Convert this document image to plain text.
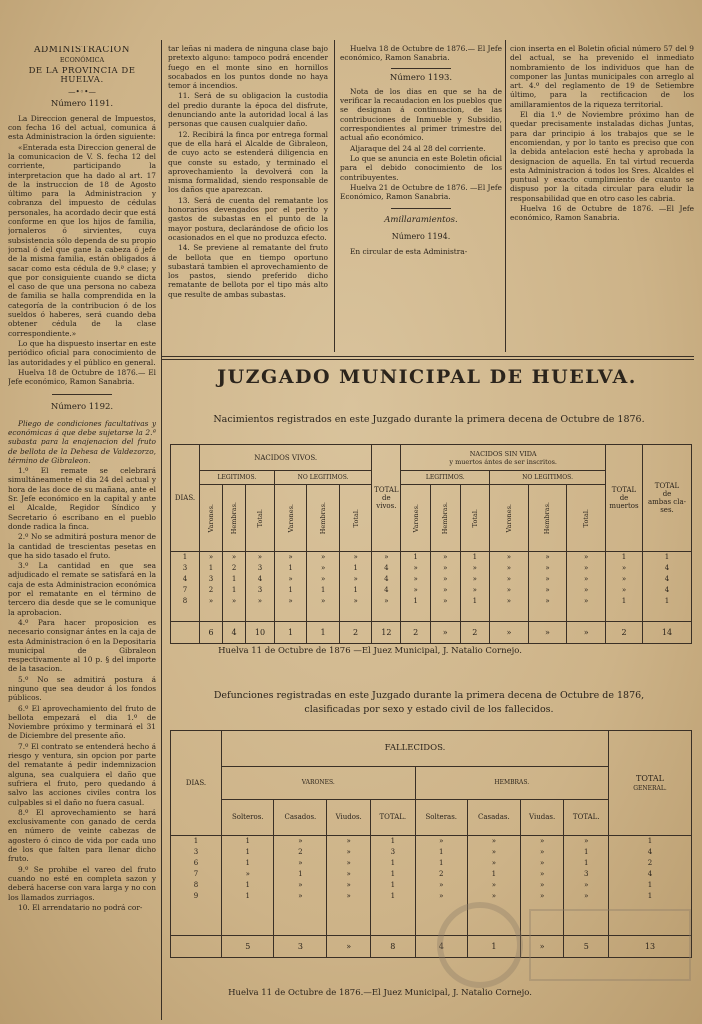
ADMINISTRACION

ECONÓMICA

DE LA PROVINCIA DE HUELVA.

—•◦•—

Número 1191.

La Direccion general de Impuestos, con fecha 16 del actual, comunica á esta Administracion la órden siguiente:

«Enterada esta Direccion general de la comunicacion de V. S. fecha 12 del corriente, participando la interpretacion que ha dado al art. 17 de la instruccion de 18 de Agosto último para la Administracion y cobranza del impuesto de cédulas personales, ha acordado decir que está conforme en que los hijos de familia, jornaleros ó sirvientes, cuya subsistencia sólo dependa de su propio jornal ó del que gane la cabeza ó jefe de la misma familia, están obligados á sacar como esta cédula de 9.ª clase; y que por consiguiente cuando se dicta el caso de que una persona no cabeza de familia se halla comprendida en la categoría de la contribucion ó de los sueldos ó haberes, será cuando deba obtener cédula de la clase correspondiente.»

Lo que ha dispuesto insertar en este periódico oficial para conocimiento de las autoridades y el público en general.

Huelva 18 de Octubre de 1876.— El Jefe económico, Ramon Sanabria.

Número 1192.

Pliego de condiciones facultativas y económicas á que debe sujetarse la 2.ª subasta para la enajenacion del fruto de bellota de la Dehesa de Valdezorzo, término de Gibraleon.

1.º El remate se celebrará simultáneamente el dia 24 del actual y hora de las doce de su mañana, ante el Sr. Jefe económico en la capital y ante el Alcalde, Regidor Síndico y Secretario ó escribano en el pueblo donde radica la finca.

2.º No se admitirá postura menor de la cantidad de trescientas pesetas en que ha sido tasado el fruto.

3.º La cantidad en que sea adjudicado el remate se satisfará en la caja de esta Administracion económica por el rematante en el término de tercero dia desde que se le comunique la aprobacion.

4.º Para hacer proposicion es necesario consignar ántes en la caja de esta Administracion ó en la Depositaria municipal de Gibraleon respectivamente al 10 p. § del importe de la tasacion.

5.º No se admitirá postura á ninguno que sea deudor á los fondos públicos.

6.º El aprovechamiento del fruto de bellota empezará el dia 1.º de Noviembre próximo y terminará el 31 de Diciembre del presente año.

7.º El contrato se entenderá hecho á riesgo y ventura, sin opcion por parte del rematante á pedir indemnizacion alguna, sea cualquiera el daño que sufriera el fruto, pero quedando á salvo las acciones civiles contra los culpables si el daño no fuera casual.

8.º El aprovechamiento se hará exclusivamente con ganado de cerda en número de veinte cabezas de agostero ó cinco de vida por cada uno de los que falten para llenar dicho fruto.

9.º Se prohibe el vareo del fruto cuando no esté en completa sazon y deberá hacerse con vara larga y no con los llamados zurriagos.

10. El arrendatario no podrá cor-

tar leñas ni madera de ninguna clase bajo pretexto alguno: tampoco podrá encender fuego en el monte sino en hornillos socabados en los puntos donde no haya temor á incendios.

11. Será de su obligacion la custodia del predio durante la época del disfrute, denunciando ante la autoridad local á las personas que causen cualquier daño.

12. Recibirá la finca por entrega formal que de ella hará el Alcalde de Gibraleon, de cuyo acto se estenderá diligencia en que conste su estado, y terminado el aprovechamiento la devolverá con la misma formalidad, siendo responsable de los daños que aparezcan.

13. Será de cuenta del rematante los honorarios devengados por el perito y gastos de subastas en el punto de la mayor postura, declarándose de oficio los ocasionados en el que no produzca efecto.

14. Se previene al rematante del fruto de bellota que en tiempo oportuno subastará tambien el aprovechamiento de los pastos, siendo preferido dicho rematante de bellota por el tipo más alto que resulte de ambas subastas.

Huelva 18 de Octubre de 1876.— El Jefe económico, Ramon Sanabria.

Número 1193.

Nota de los dias en que se ha de verificar la recaudacion en los pueblos que se designan á continuacion, de las contribuciones de Inmueble y Subsidio, correspondientes al primer trimestre del actual año económico.

Aljaraque del 24 al 28 del corriente.

Lo que se anuncia en este Boletin oficial para el debido conocimiento de los contribuyentes.

Huelva 21 de Octubre de 1876. —El Jefe Económico, Ramon Sanabria.

Amillaramientos.

Número 1194.

En circular de esta Administra-

cion inserta en el Boletin oficial número 57 del 9 del actual, se ha prevenido el inmediato nombramiento de los individuos que han de componer las Juntas municipales con arreglo al art. 4.º del reglamento de 19 de Setiembre último, para la rectificacion de los amillaramientos de la riqueza territorial.

El dia 1.º de Noviembre próximo han de quedar precisamente instaladas dichas Juntas, para dar principio á los trabajos que se le encomiendan, y por lo tanto es preciso que con la debida antelacion esté hecha y aprobada la designacion de aquella. En tal virtud recuerda esta Administracion á todos los Sres. Alcaldes el puntual y exacto cumplimiento de cuanto se dispuso por la citada circular para eludir la responsabilidad que en otro caso les cabria.

Huelva 16 de Octubre de 1876. —El Jefe económico, Ramon Sanabria.

JUZGADO MUNICIPAL DE HUELVA.
Nacimientos registrados en este Juzgado durante la primera decena de Octubre de 1876.
DIAS.	NACIDOS VIVOS.						TOTAL
de
vivos.	NACIDOS SIN VIDA
y muertos ántes de ser inscritos.						TOTAL
de
muertos	TOTAL
de
ambas cla-
ses.
	LEGITIMOS.			NO LEGITIMOS.				LEGITIMOS.			NO LEGITIMOS.				

	Varones.	Hembras.	Total.	Varones.	Hembras.	Total.		Varones.	Hembras.	Total.	Varones.	Hembras.	Total.		

1	»	»	»	»	»	»	»	1	»	1	»	»	»	1	1
3	1	2	3	1	»	1	4	»	»	»	»	»	»	»	4
4	3	1	4	»	»	»	4	»	»	»	»	»	»	»	4
7	2	1	3	1	1	1	4	»	»	»	»	»	»	»	4
8	»	»	»	»	»	»	»	1	»	1	»	»	»	1	1

	6	4	10	1	1	2	12	2	»	2	»	»	»	2	14
Huelva 11 de Octubre de 1876 —El Juez Municipal, J. Natalio Cornejo.
Defunciones registradas en este Juzgado durante la primera decena de Octubre de 1876,
clasificadas por sexo y estado civil de los fallecidos.
DIAS.	FALLECIDOS.								TOTAL
GENERAL.
	VARONES.				HEMBRAS.				
	Solteros.	Casados.	Viudos.	TOTAL.	Solteras.	Casadas.	Viudas.	TOTAL.	
1	1	»	»	1	»	»	»	»	1
3	1	2	»	3	1	»	»	1	4
6	1	»	»	1	1	»	»	1	2
7	»	1	»	1	2	1	»	3	4
8	1	»	»	1	»	»	»	»	1
9	1	»	»	1	»	»	»	»	1

	5	3	»	8	4	1	»	5	13
Huelva 11 de Octubre de 1876.—El Juez Municipal, J. Natalio Cornejo.
